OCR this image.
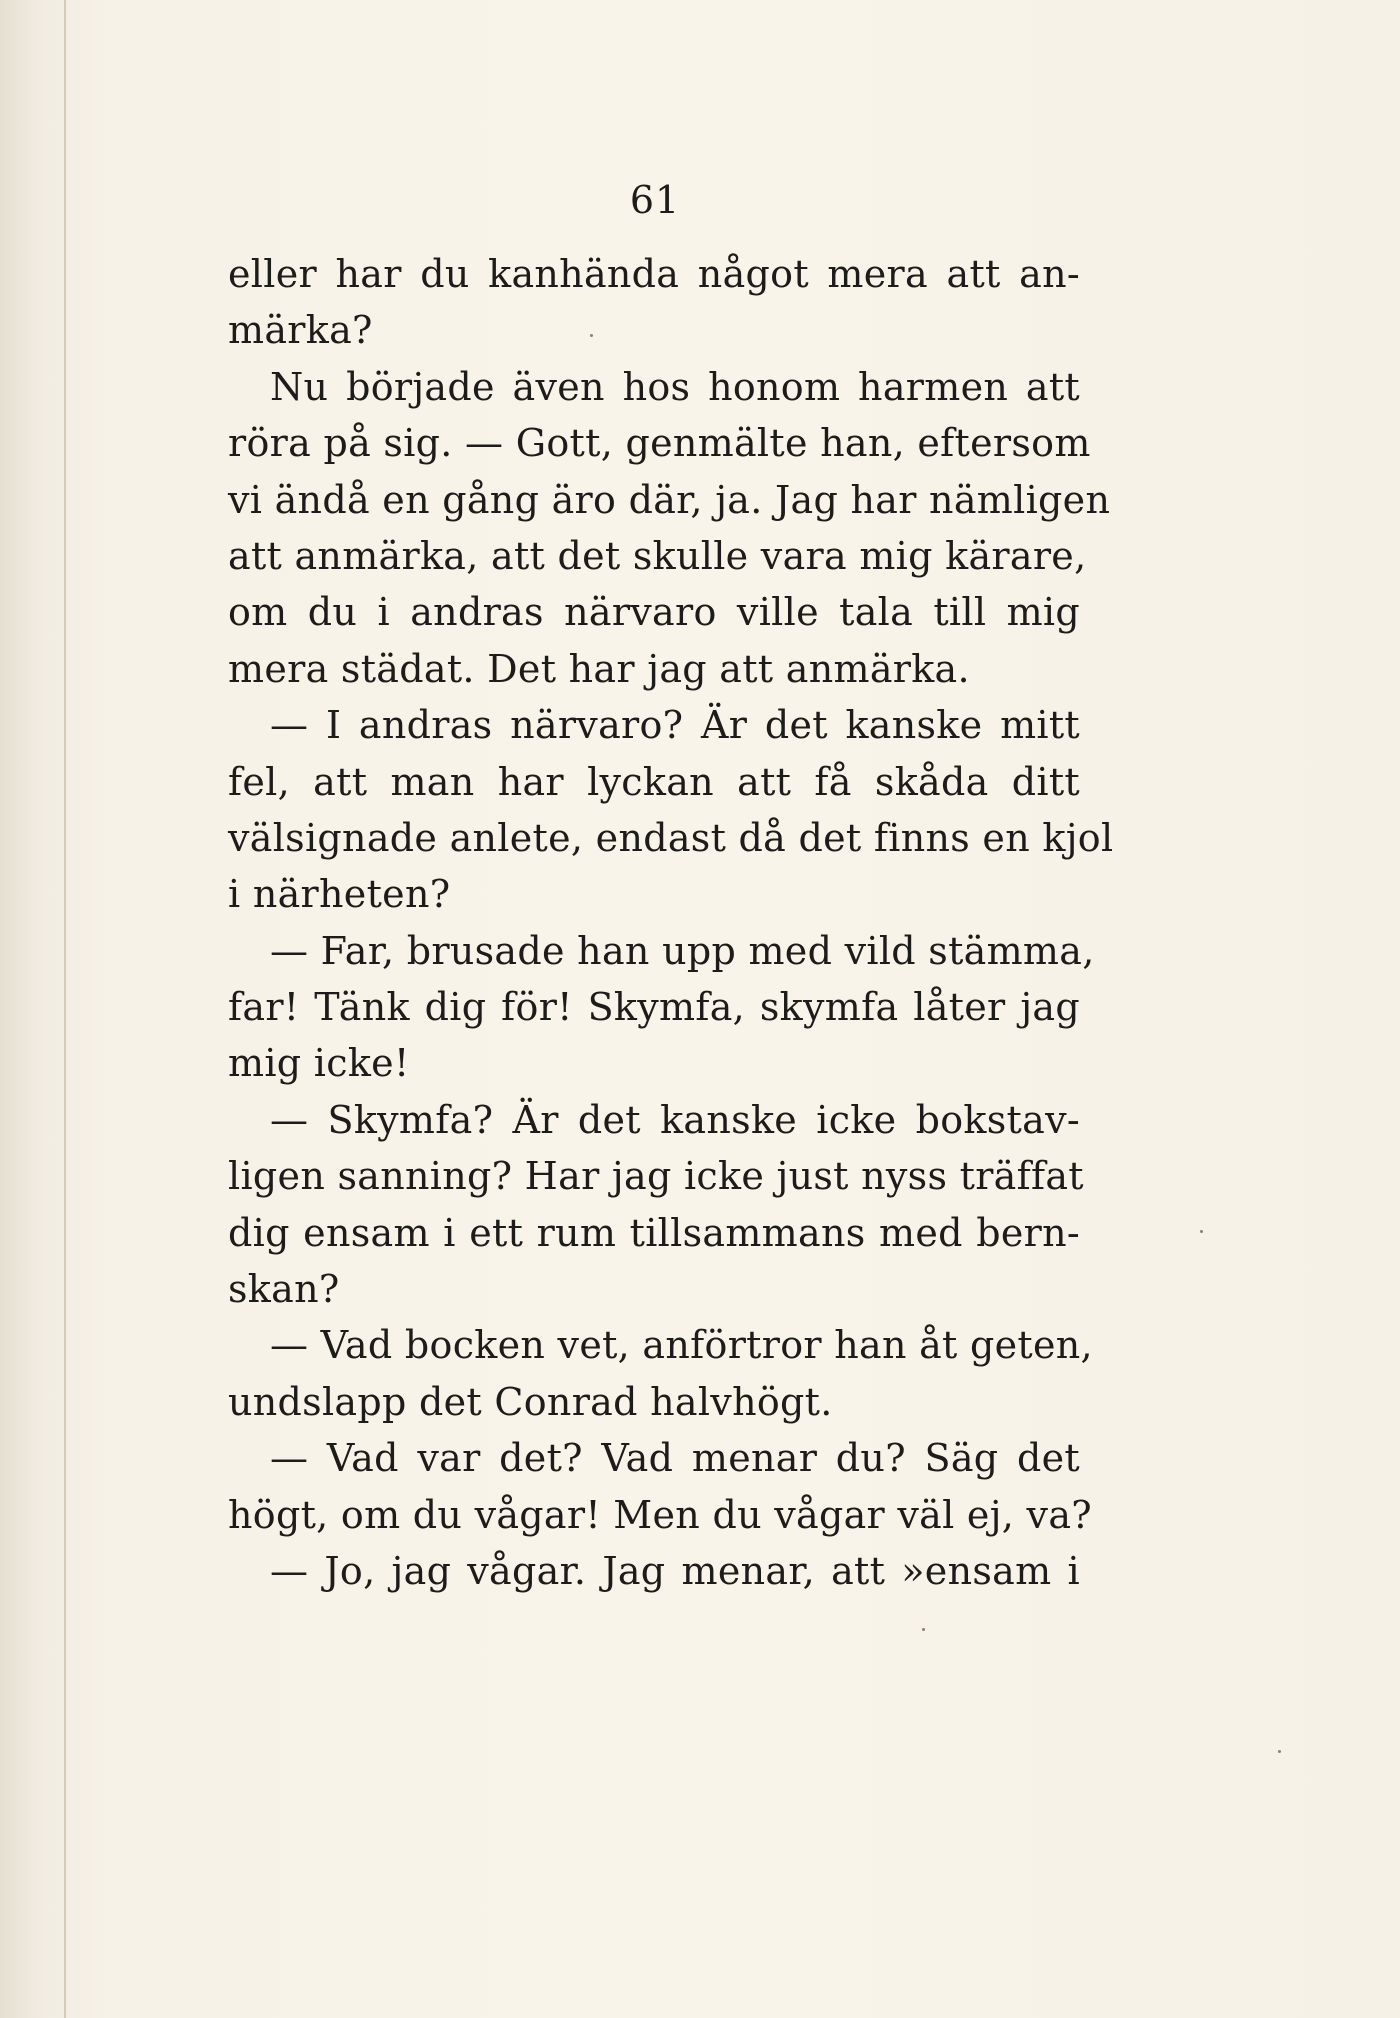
61
eller har du kanhända något mera att an-
märka?
Nu började även hos honom harmen att
röra på sig. — Gott, genmälte han, eftersom
vi ändå en gång äro där, ja. Jag har nämligen
att anmärka, att det skulle vara mig kärare,
om du i andras närvaro ville tala till mig
mera städat. Det har jag att anmärka.
— I andras närvaro? Är det kanske mitt
fel, att man har lyckan att få skåda ditt
välsignade anlete, endast då det finns en kjol
i närheten?
— Far, brusade han upp med vild stämma,
far! Tänk dig för! Skymfa, skymfa låter jag
mig icke!
— Skymfa? Är det kanske icke bokstav-
ligen sanning? Har jag icke just nyss träffat
dig ensam i ett rum tillsammans med bern-
skan?
— Vad bocken vet, anförtror han åt geten,
undslapp det Conrad halvhögt.
— Vad var det? Vad menar du? Säg det
högt, om du vågar! Men du vågar väl ej, va?
— Jo, jag vågar. Jag menar, att »ensam i
